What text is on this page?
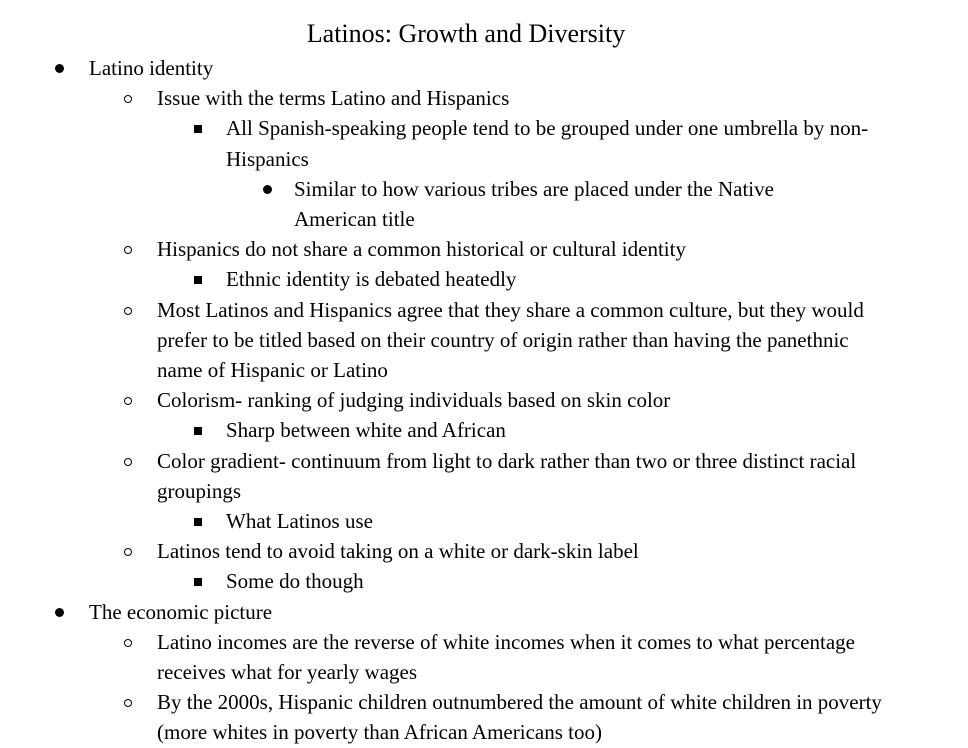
Latinos: Growth and Diversity
Latino identity
Issue with the terms Latino and Hispanics
All Spanish-speaking people tend to be grouped under one umbrella by non-Hispanics
Similar to how various tribes are placed under the Native American title
Hispanics do not share a common historical or cultural identity
Ethnic identity is debated heatedly
Most Latinos and Hispanics agree that they share a common culture, but they would prefer to be titled based on their country of origin rather than having the panethnic name of Hispanic or Latino
Colorism- ranking of judging individuals based on skin color
Sharp between white and African
Color gradient- continuum from light to dark rather than two or three distinct racial groupings
What Latinos use
Latinos tend to avoid taking on a white or dark-skin label
Some do though
The economic picture
Latino incomes are the reverse of white incomes when it comes to what percentage receives what for yearly wages
By the 2000s, Hispanic children outnumbered the amount of white children in poverty (more whites in poverty than African Americans too)
